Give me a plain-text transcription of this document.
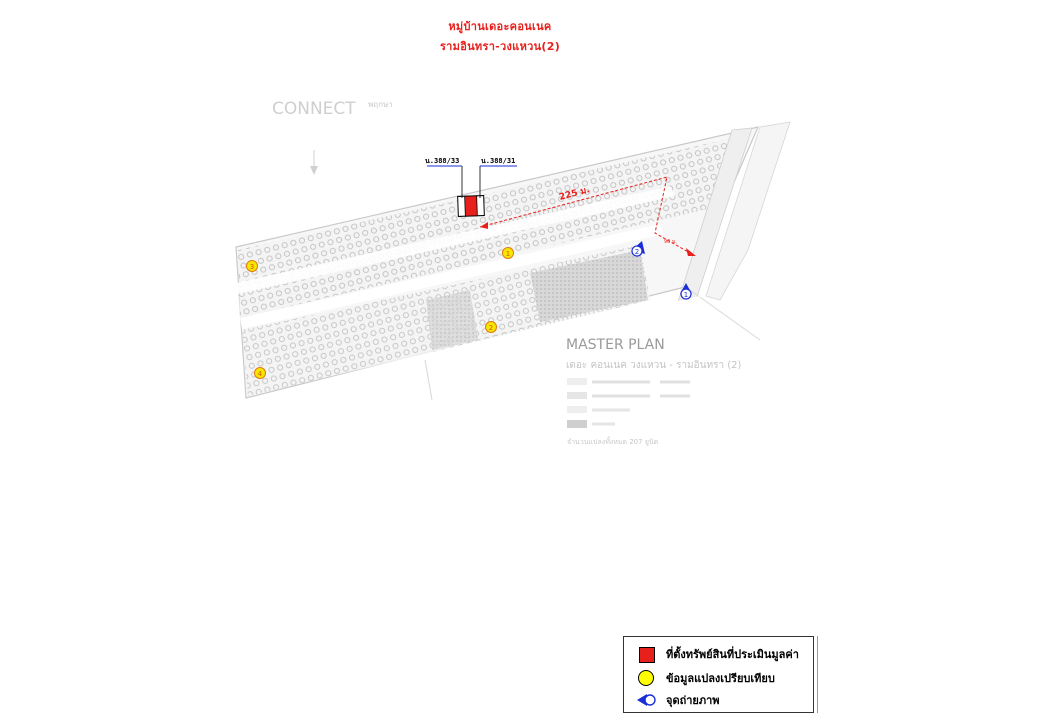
หมู่บ้านเดอะคอนเนค
รามอินทรา-วงแหวน(2)
CONNECT พฤกษา
MASTER PLAN
เดอะ คอนเนค วงแหวน - รามอินทรา (2)
จำนวนแปลงทั้งหมด 207 ยูนิต
น.388/33	น.388/31
225 ม.
90 ม.
1
2
3
4
1
2
ที่ตั้งทรัพย์สินที่ประเมินมูลค่า
ข้อมูลแปลงเปรียบเทียบ
จุดถ่ายภาพ
